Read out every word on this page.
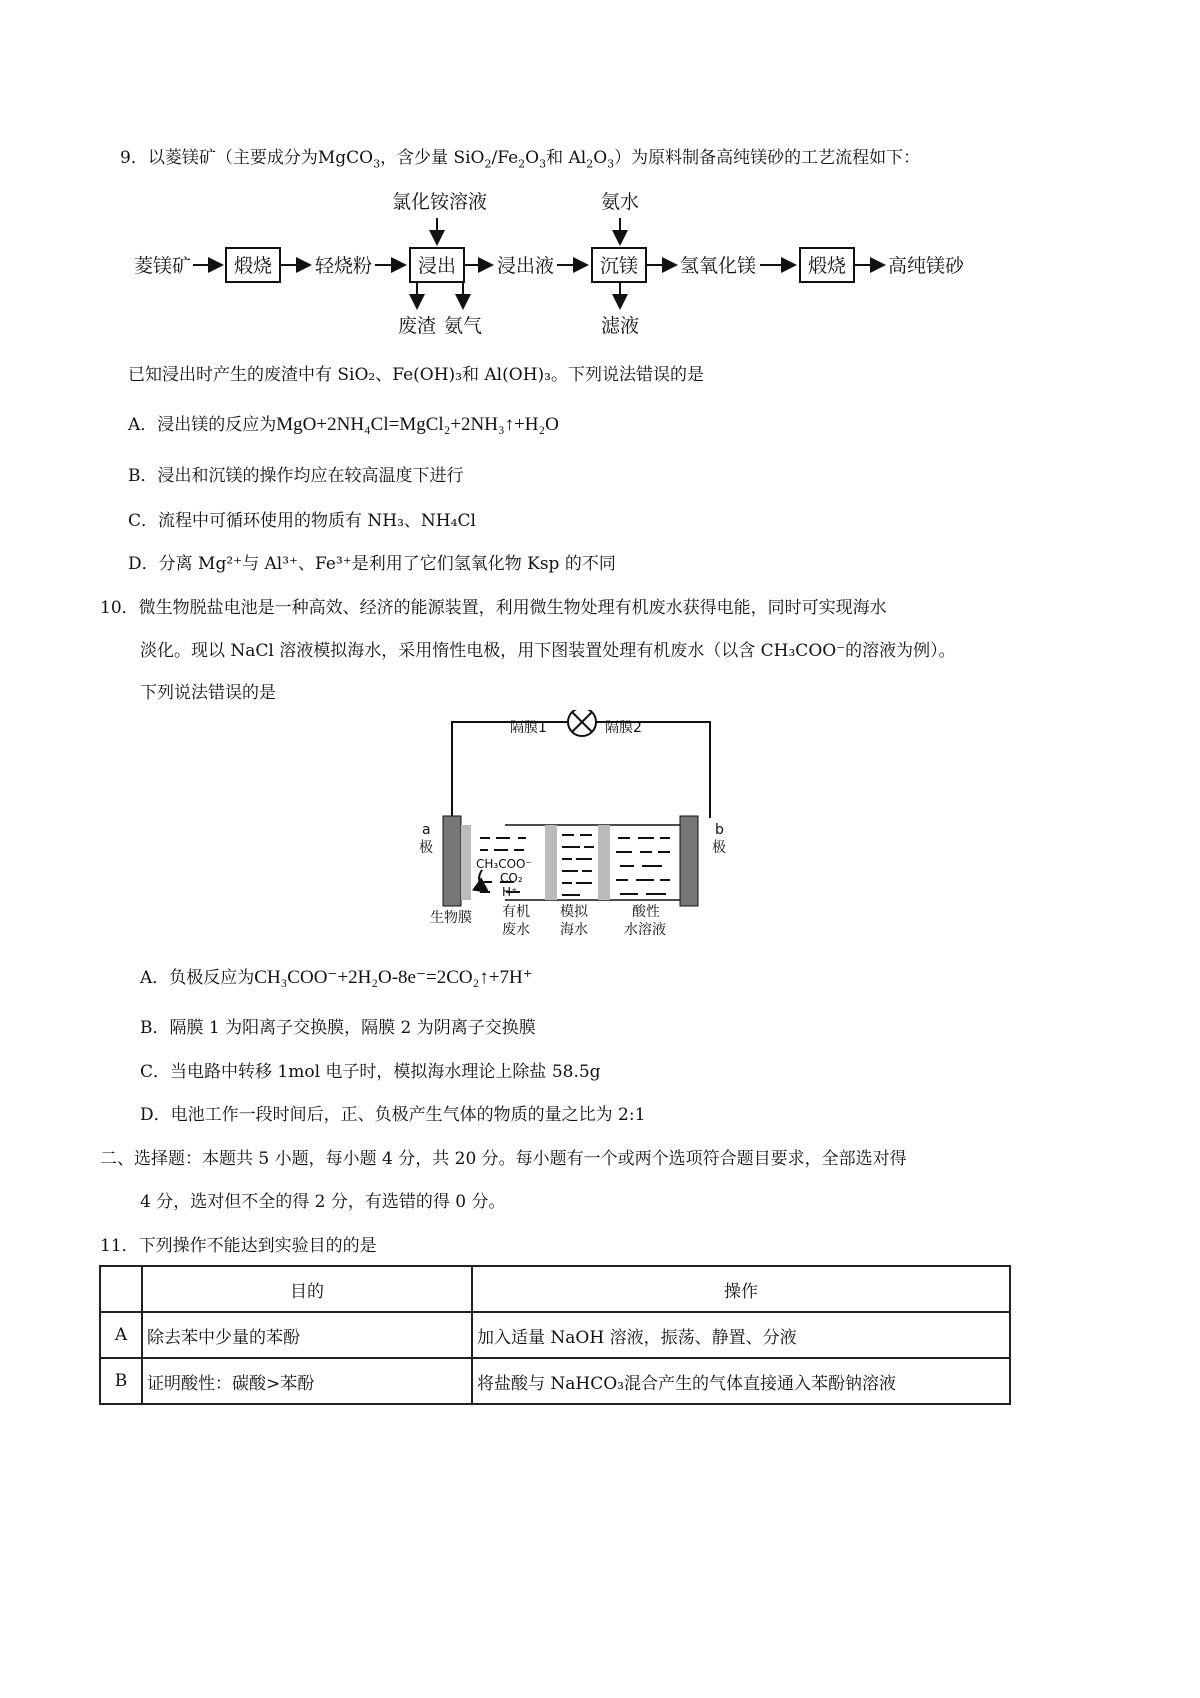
9．以菱镁矿（主要成分为MgCO$_3$，含少量 $SiO_2/Fe_2O_3$和 $Al_2O_3$）为原料制备高纯镁砂的工艺流程如下：
菱镁矿 煅烧 轻烧粉 浸出
氯化铵溶液
废渣 氨气
浸出液 沉镁
氨水
滤液
氢氧化镁	煅烧 高纯镁砂
已知浸出时产生的废渣中有 SiO₂、Fe(OH)₃和 Al(OH)₃。下列说法错误的是
A．浸出镁的反应为MgO+2NH₄Cl=MgCl₂+2NH₃↑+H₂O
B．浸出和沉镁的操作均应在较高温度下进行
C．流程中可循环使用的物质有 NH₃、NH₄Cl
D．分离 Mg²⁺与 Al³⁺、Fe³⁺是利用了它们氢氧化物 Ksp 的不同
10．微生物脱盐电池是一种高效、经济的能源装置，利用微生物处理有机废水获得电能，同时可实现海水
淡化。现以 NaCl 溶液模拟海水，采用惰性电极，用下图装置处理有机废水（以含 CH₃COO⁻的溶液为例）。
下列说法错误的是
隔膜1	隔膜2
a
极
b
极
CH₃COO⁻
CO₂
H⁺
生物膜 有机
废水
模拟
海水
酸性
水溶液
A．负极反应为CH₃COO⁻+2H₂O-8e⁻=2CO₂↑+7H⁺
B．隔膜 1 为阳离子交换膜，隔膜 2 为阴离子交换膜
C．当电路中转移 1mol 电子时，模拟海水理论上除盐 58.5g
D．电池工作一段时间后，正、负极产生气体的物质的量之比为 2:1
二、选择题：本题共 5 小题，每小题 4 分，共 20 分。每小题有一个或两个选项符合题目要求，全部选对得
4 分，选对但不全的得 2 分，有选错的得 0 分。
11．下列操作不能达到实验目的的是
	目的	操作
A	除去苯中少量的苯酚	加入适量 NaOH 溶液，振荡、静置、分液
B	证明酸性：碳酸>苯酚	将盐酸与 NaHCO₃混合产生的气体直接通入苯酚钠溶液
